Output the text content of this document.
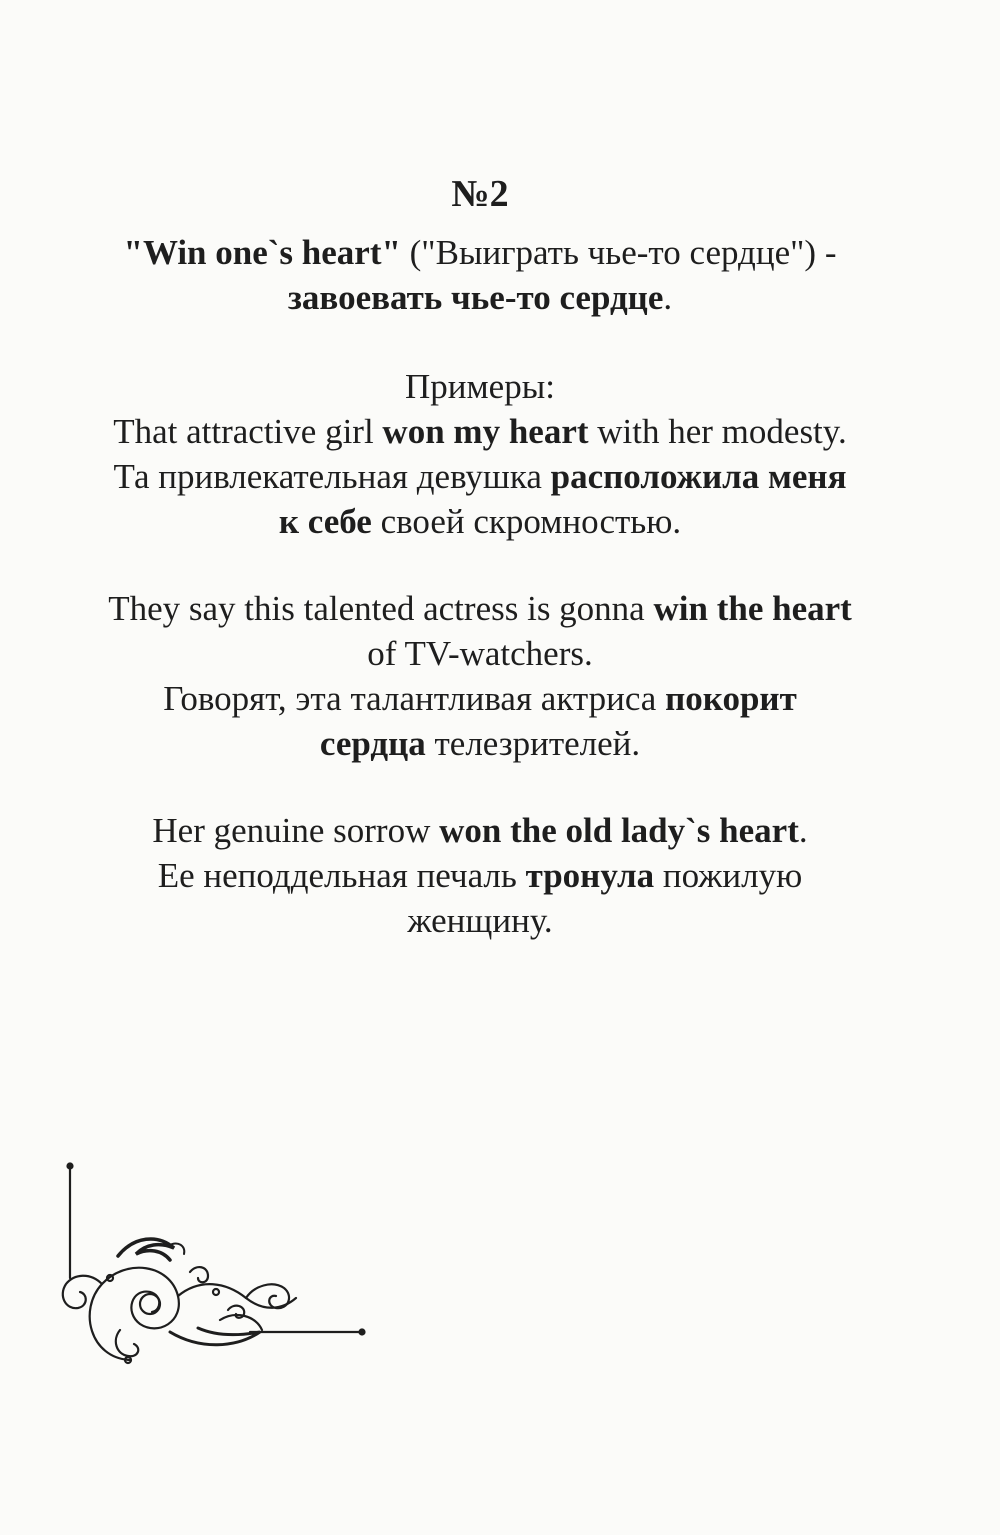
№2
"Win one`s heart" ("Выиграть чье-то сердце") -
завоевать чье-то сердце.
Примеры:
That attractive girl won my heart with her modesty.
Та привлекательная девушка расположила меня
к себе своей скромностью.
They say this talented actress is gonna win the heart
of TV-watchers.
Говорят, эта талантливая актриса покорит
сердца телезрителей.
Her genuine sorrow won the old lady`s heart.
Ее неподдельная печаль тронула пожилую
женщину.
